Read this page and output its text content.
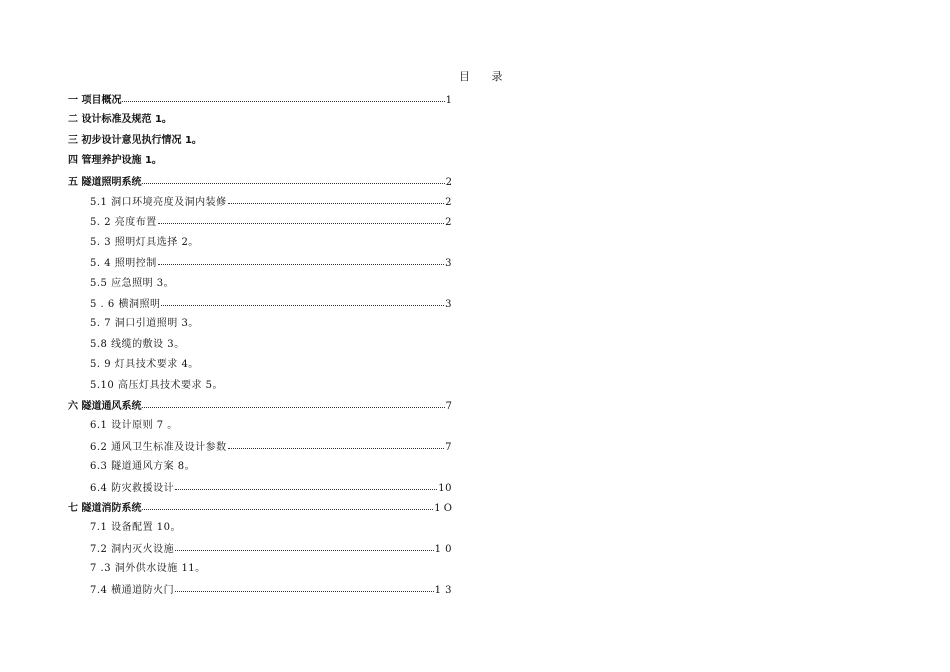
目 录
一 项目概况	1
二 设计标准及规范 1。
三 初步设计意见执行情况 1。
四 管理养护设施 1。
五 隧道照明系统	2
5.1 洞口环境亮度及洞内装修	2
5. 2 亮度布置	2
5. 3 照明灯具选择 2。
5. 4 照明控制	3
5.5 应急照明 3。
5 . 6 横洞照明	3
5. 7 洞口引道照明 3。
5.8 线缆的敷设 3。
5. 9 灯具技术要求 4。
5.10 高压灯具技术要求 5。
六 隧道通风系统	7
6.1 设计原则 7 。
6.2 通风卫生标准及设计参数	7
6.3 隧道通风方案 8。
6.4 防灾救援设计	10
七 隧道消防系统	1 O
7.1 设备配置 10。
7.2 洞内灭火设施	1 0
7 .3 洞外供水设施 11。
7.4 横通道防火门	1 3
